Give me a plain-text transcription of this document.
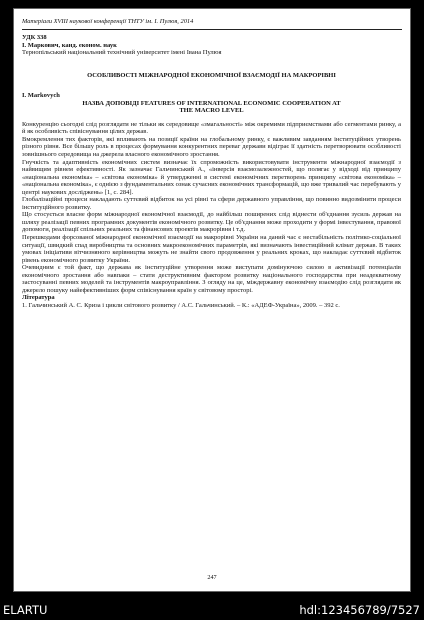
Матеріали XVIII наукової конференції ТНТУ ім. І. Пулюя, 2014
УДК 338
І. Маркович, канд. економ. наук
Тернопільський національний технічний університет імені Івана Пулюя
ОСОБЛИВОСТІ МІЖНАРОДНОЇ ЕКОНОМІЧНОЇ ВЗАЄМОДІЇ НА МАКРОРІВНІ
I. Markovych
НАЗВА ДОПОВІДІ FEATURES OF INTERNATIONAL ECONOMIC COOPERATION AT THE MACRO LEVEL

Конкуренцію сьогодні слід розглядати не тільки як середовище «змагальності» між окремими підприємствами або сегментами ринку, а й як особливість співіснування цілих держав.

Вмокремлення тих факторів, які впливають на позиції країни на глобальному ринку, є важливим завданням інституційних утворень різного рівня. Все більшу роль в процесах формування конкурентних переваг держави відіграє її здатність перетворювати особливості зовнішнього середовища на джерела власного економічного зростання.

Гнучкість та адаптивність економічних систем визначає їх спроможність використовувати інструменти міжнародної взаємодії з найвищим рівнем ефективності. Як зазначає Гальчинський А., «інверсія взаємозалежностей, що полягає у відході від принципу «національна економіка» – «світова економіка» й утвердженні в системі економічних перетворень принципу «світова економіка» – «національна економіка», є однією з фундаментальних ознак сучасних економічних трансформацій, що вже тривалий час перебувають у центрі наукових досліджень» [1, с. 284].

Глобалізаційні процеси накладають суттєвий відбиток на усі рівні та сфери державного управління, що повинно видозмінити процеси інституційного розвитку.

Що стосується власне форм міжнародної економічної взаємодії, до найбільш поширених слід віднести об'єднання зусиль держав на шляху реалізації певних програмних документів економічного розвитку. Це об'єднання може проходити у формі інвестування, правової допомоги, реалізації спільних реальних та фінансових проектів макрорівня і т.д.

Перешкодами форсованої міжнародної економічної взаємодії на макрорівні України на даний час є нестабільність політико-соціальної ситуації, швидкий спад виробництва та основних макроекономічних параметрів, які визначають інвестиційний клімат держав. В таких умовах ініціативи вітчизняного керівництва можуть не знайти свого продовження у реальних кроках, що накладає суттєвий відбиток рівень економічного розвитку України.

Очевидним є той факт, що держава як інституційне утворення може виступати домінуючою силою в активізації потенціалів економічного зростання або навпаки – стати деструктивним фактором розвитку національного господарства при неадекватному застосуванні певних моделей та інструментів макроуправління. З огляду на це, міждержавну економічну взаємодію слід розглядати як джерело пошуку найефективніших форм співіснування країн у світовому просторі.

Література

1. Гальчинський А. С. Криза і цикли світового розвитку / А.С. Гальчинський. – К.: «АДЕФ-Україна», 2009. – 392 с.

247
ELARTU	hdl:123456789/7527
